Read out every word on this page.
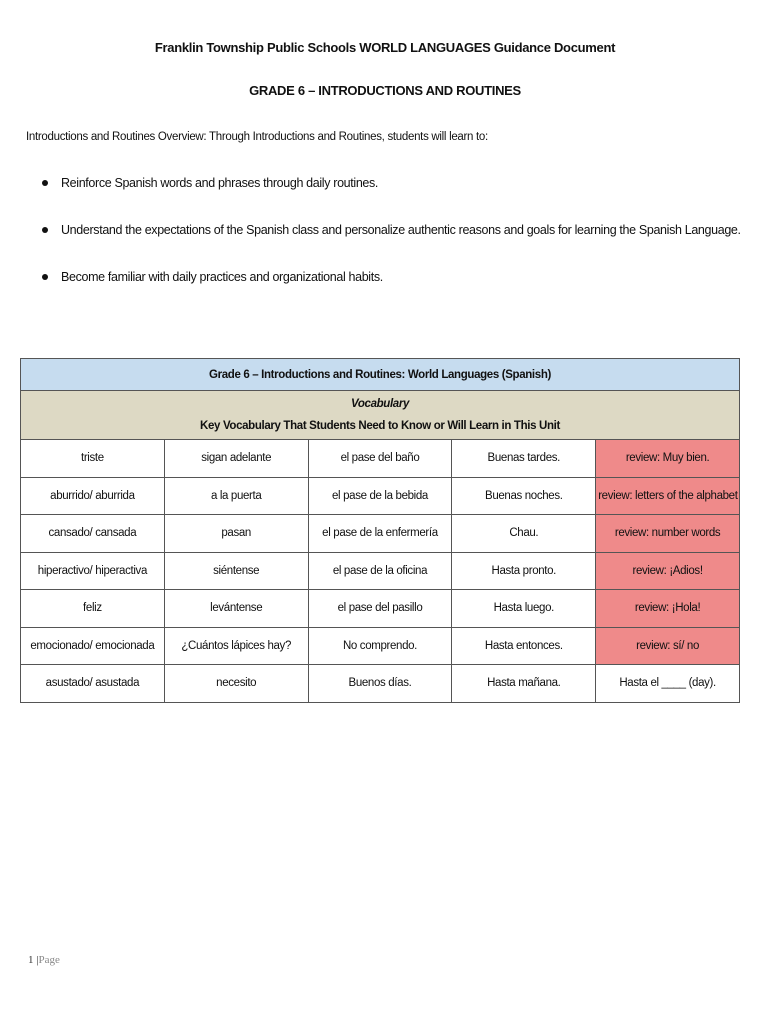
Franklin Township Public Schools WORLD LANGUAGES Guidance Document
GRADE 6 – INTRODUCTIONS AND ROUTINES
Introductions and Routines Overview: Through Introductions and Routines, students will learn to:
Reinforce Spanish words and phrases through daily routines.
Understand the expectations of the Spanish class and personalize authentic reasons and goals for learning the Spanish Language.
Become familiar with daily practices and organizational habits.
Grade 6 – Introductions and Routines: World Languages (Spanish)				

Vocabulary
Key Vocabulary That Students Need to Know or Will Learn in This Unit				

triste	sigan adelante	el pase del baño	Buenas tardes.	review: Muy bien.
aburrido/ aburrida	a la puerta	el pase de la bebida	Buenas noches.	review: letters of the alphabet
cansado/ cansada	pasan	el pase de la enfermería	Chau.	review: number words
hiperactivo/ hiperactiva	siéntense	el pase de la oficina	Hasta pronto.	review: ¡Adios!
feliz	levántense	el pase del pasillo	Hasta luego.	review: ¡Hola!
emocionado/ emocionada	¿Cuántos lápices hay?	No comprendo.	Hasta entonces.	review: sí/ no
asustado/ asustada	necesito	Buenos días.	Hasta mañana.	Hasta el ____ (day).
1 |Page
